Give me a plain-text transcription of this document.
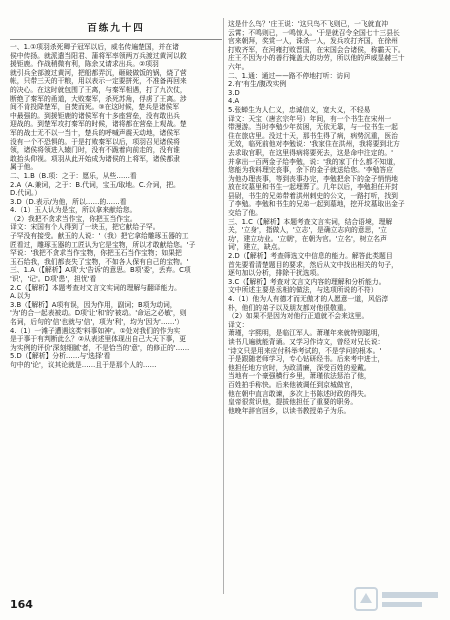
百练九十四

一、1.①项羽杀死卿子冠军以后，威名传遍楚国，并在诸

侯中传扬。就派遣当阳君、蒲将军率领两万兵渡过黄河以救

援钜鹿。作战稍微有利，陈余又请求出兵。②项羽

就引兵全部渡过黄河，把船都弄沉，砸破做饭的锅，烧了营

帐，只带三天的干粮，用以表示一定要拼死，不准备再回来

的决心。在这时就包围了王离，与秦军相遇，打了九次仗，

断绝了秦军的甬道，大败秦军，杀死苏角，俘虏了王离。涉

间不肯投降楚军，自焚而死。③在这时候，楚兵是诸侯军

中最强的。到援钜鹿的诸侯军有十多座营垒，没有敢出兵

迎战的。到楚军攻打秦军的时候，诸将都在营垒上观战。楚

军的战士无不以一当十，楚兵的呼喊声震天动地，诸侯军

没有一个不恐惧的。于是打败秦军以后，项羽召见诸侯将

领，诸侯将领进入辕门时，没有不跪着向前走的，没有谁

敢抬头仰视。项羽从此开始成为诸侯的上将军，诸侯都隶

属于他。

二、1.B（B.项：之于：愿乐，从些……看

2.A（A.兼词，之于：B.代词，宝玉/取地。C.介词，把。

D.代词。）

3.D（D.表示/为他，所以……的……看

4.（1）玉人认为是宝，所以拿来献给您。

（2）我把不贪求当作宝，你把玉当作宝。

译文：宋国有个人得到了一块玉，把它献给子罕。

子罕没有接受。献玉的人说：'（我）把它拿给雕琢玉器的工

匠看过，雕琢玉器的工匠认为它是宝物，所以才敢献给您。'子

罕说：'我把不贪求当作宝物，你把玉石当作宝物；如果把

玉石给我，我们都丧失了宝物，不如各人保有自己的宝物。'

三、1.A（【解析】A项'大'告诉'的意思。B项'委'，丢弃。C项

'识'，'记'。D项'患'，担忧'看

2.C（【解析】本题考查对文言文实词的理解与翻译能力。

A.以为

3.B（【解析】A项有误，因为作用，副词；B项为动词，

'为'的合一起表被动。D项'让'和'的'被动。'命运之必敏'，则

名词，后句的'信'也就与'信'，项为'利'，均为'因为'……'）

4.（1）一滩子遭遇这类'料事如神'。①处对我们的作为实

是于事于有判断此么？②从表述里体现出自己大天下事，更

为实例的评价'深刻细腻'者，不是恰当的'意'，的修正的'……

5.D（【解析】分析……与'选择'看

句中的'论'，议其论就是……且于是那个人的……

这是什么鸟？'庄王说：'这只鸟不飞则已，一飞就直冲

云霄；不鸣则已，一鸣惊人。'于是就召令全国七十三县长

官来朝拜，奖赏一人，诛杀一人，发兵攻打齐国，在徐州

打败齐军，在河雍打败晋国，在宋国会合诸侯，称霸天下。

庄王不因为小的善行掩盖大的功劳，所以他的声威显赫三十

六年。

二、1.通：通过——路不停地打听：访问

2.有'有生/腹改实例

3.D

4.A

5.张蝉生为人仁义，忠诚信义，宽大义，不轻易

译文：天宝（唐玄宗年号）年间，有一个书生在宋州一

带漫游。当时李勉少年贫困，无依无靠，与一位书生一起

住在旅店里。没过十天，那书生得了病，病势沉重，医治

无效，临死前他对李勉说：'我家住在洪州，我将要到北方

去求取官职，在这里得病将要死去，这是命中注定的。'

并拿出一百两金子给李勉，说：'我的家丁什么都不知道，

您能为我料理完丧事，余下的金子就送给您。'李勉答应

为他办理丧事，等到丧事办完，李勉把余下的金子悄悄地

放在坟墓里和书生一起埋葬了。几年以后，李勉担任开封

县尉，书生的兄弟带着洪州刺史的公文，一路打听，找到

了李勉。李勉和书生的兄弟一起到墓地，挖开坟墓取出金子

交给了他。

三、1.C（【解析】本题考查文言实词，结合语境，理解

关，'立身'，指做人，'立志'，是确立志向的意思，'立

功'，建立功业。'立朝'，在朝为官。'立名'，树立名声

词'，建立，缺点。

2.D（【解析】考查筛选文中信息的能力。解答此类题目

首先要看清楚题目的要求，然后从文中找出相关的句子，

逐句加以分析，排除干扰选项。

3.C（【解析】考查对文言文内容的理解和分析能力。

文中所述主要是丞相的做法，与选项所说的不符）

4.（1）他为人有德才而无傲才的人愿意一道，风俗淳

朴，他们的弟子以及朋友都对他很敬重。

（2）如果不是因为对他行正道就不会来这里。

译文：

萧瑾，字熙明，是临江军人。萧瑾年来就特别聪明，

读书几遍就能背诵。又学习作诗文，曾经对兄长说：

'诗文只是用来应付科举考试的，不是学问的根本。'

于是跟随老师学习，专心钻研经书。后来考中进士，

他担任地方官时，为政清廉，深受百姓的爱戴。

当地有一个豪强横行乡里，萧瑾依法惩治了他，

百姓拍手称快。后来他被调任到京城做官，

他在朝中直言敢谏，多次上书陈述时政的得失。

皇帝很赏识他，提拔他担任了重要的职务。

他晚年辞官回乡，以读书教授弟子为乐。

164
